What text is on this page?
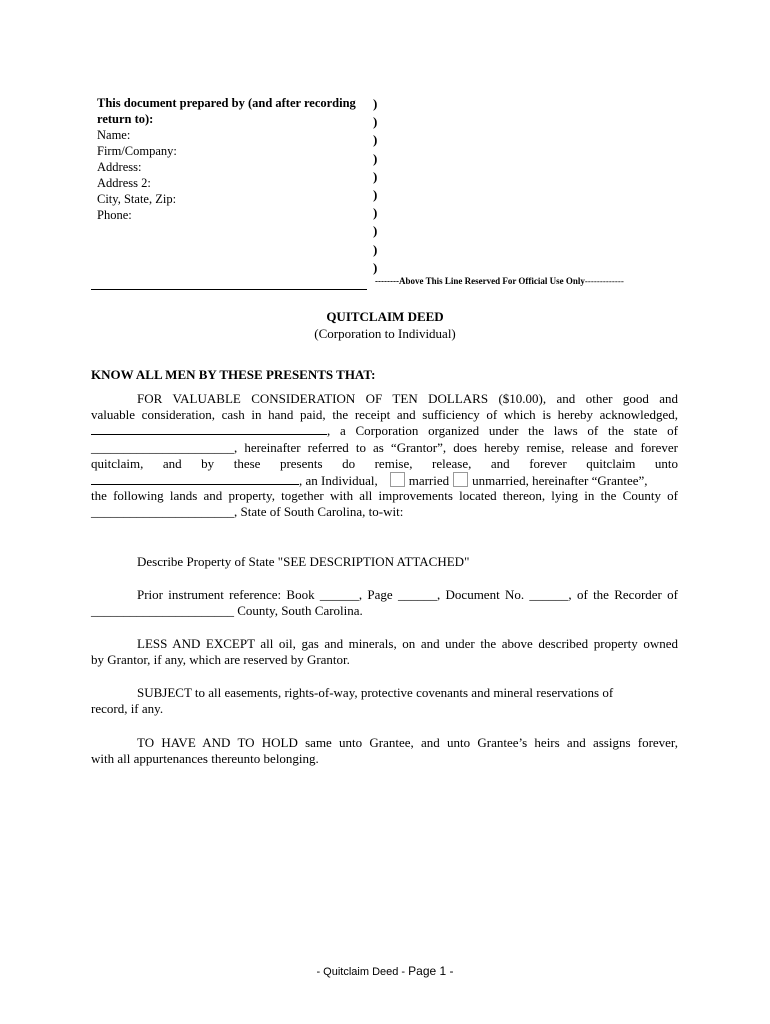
This document prepared by (and after recording
return to):
Name:
Firm/Company:
Address:
Address 2:
City, State, Zip:
Phone:
)
)
)
)
)
)
)
)
)
)
--------Above This Line Reserved For Official Use Only-------------
QUITCLAIM DEED
(Corporation to Individual)
KNOW ALL MEN BY THESE PRESENTS THAT:
FOR VALUABLE CONSIDERATION OF TEN DOLLARS ($10.00), and other good and
valuable consideration, cash in hand paid, the receipt and sufficiency of which is hereby acknowledged,
, a Corporation organized under the laws of the state of
______________________, hereinafter referred to as “Grantor”, does hereby remise, release and forever
quitclaim, and by these presents do remise, release, and forever quitclaim unto
, an Individual, married unmarried, hereinafter “Grantee”,
the following lands and property, together with all improvements located thereon, lying in the County of
______________________, State of South Carolina, to-wit:
Describe Property of State "SEE DESCRIPTION ATTACHED"
Prior instrument reference: Book ______, Page ______, Document No. ______, of the Recorder of
______________________ County, South Carolina.
LESS AND EXCEPT all oil, gas and minerals, on and under the above described property owned
by Grantor, if any, which are reserved by Grantor.
SUBJECT to all easements, rights-of-way, protective covenants and mineral reservations of
record, if any.
TO HAVE AND TO HOLD same unto Grantee, and unto Grantee’s heirs and assigns forever,
with all appurtenances thereunto belonging.
- Quitclaim Deed - Page 1 -
